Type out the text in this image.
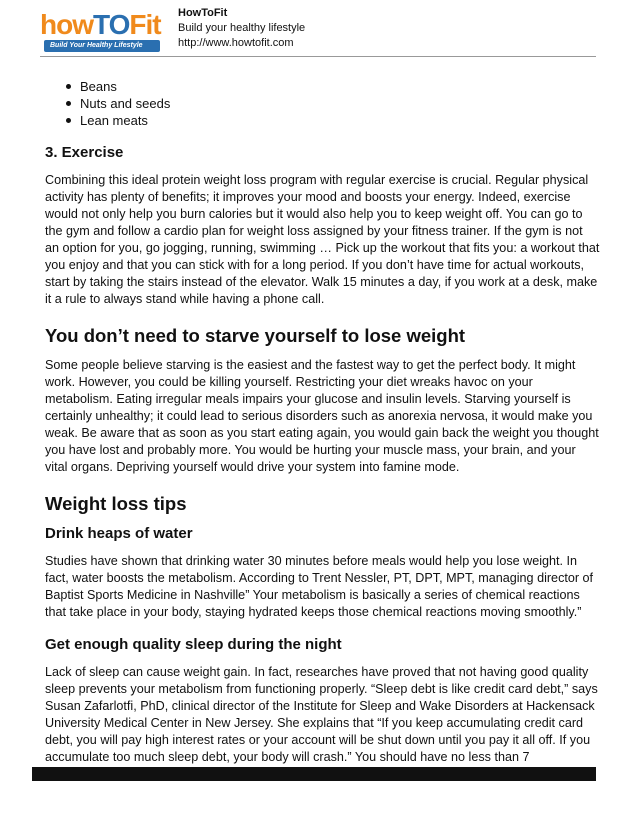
howTOFit
Build Your Healthy Lifestyle
HowToFit
Build your healthy lifestyle
http://www.howtofit.com
Beans
Nuts and seeds
Lean meats
3. Exercise

Combining this ideal protein weight loss program with regular exercise is crucial. Regular physical activity has plenty of benefits; it improves your mood and boosts your energy. Indeed, exercise would not only help you burn calories but it would also help you to keep weight off. You can go to the gym and follow a cardio plan for weight loss assigned by your fitness trainer. If the gym is not an option for you, go jogging, running, swimming … Pick up the workout that fits you: a workout that you enjoy and that you can stick with for a long period. If you don’t have time for actual workouts, start by taking the stairs instead of the elevator. Walk 15 minutes a day, if you work at a desk, make it a rule to always stand while having a phone call.

You don’t need to starve yourself to lose weight

Some people believe starving is the easiest and the fastest way to get the perfect body. It might work. However, you could be killing yourself. Restricting your diet wreaks havoc on your metabolism. Eating irregular meals impairs your glucose and insulin levels. Starving yourself is certainly unhealthy; it could lead to serious disorders such as anorexia nervosa, it would make you weak. Be aware that as soon as you start eating again, you would gain back the weight you thought you have lost and probably more. You would be hurting your muscle mass, your brain, and your vital organs. Depriving yourself would drive your system into famine mode.

Weight loss tips
Drink heaps of water

Studies have shown that drinking water 30 minutes before meals would help you lose weight. In fact, water boosts the metabolism. According to Trent Nessler, PT, DPT, MPT, managing director of Baptist Sports Medicine in Nashville” Your metabolism is basically a series of chemical reactions that take place in your body, staying hydrated keeps those chemical reactions moving smoothly.”

Get enough quality sleep during the night

Lack of sleep can cause weight gain. In fact, researches have proved that not having good quality sleep prevents your metabolism from functioning properly. “Sleep debt is like credit card debt,” says Susan Zafarlotfi, PhD, clinical director of the Institute for Sleep and Wake Disorders at Hackensack University Medical Center in New Jersey. She explains that “If you keep accumulating credit card debt, you will pay high interest rates or your account will be shut down until you pay it all off. If you accumulate too much sleep debt, your body will crash.” You should have no less than 7
